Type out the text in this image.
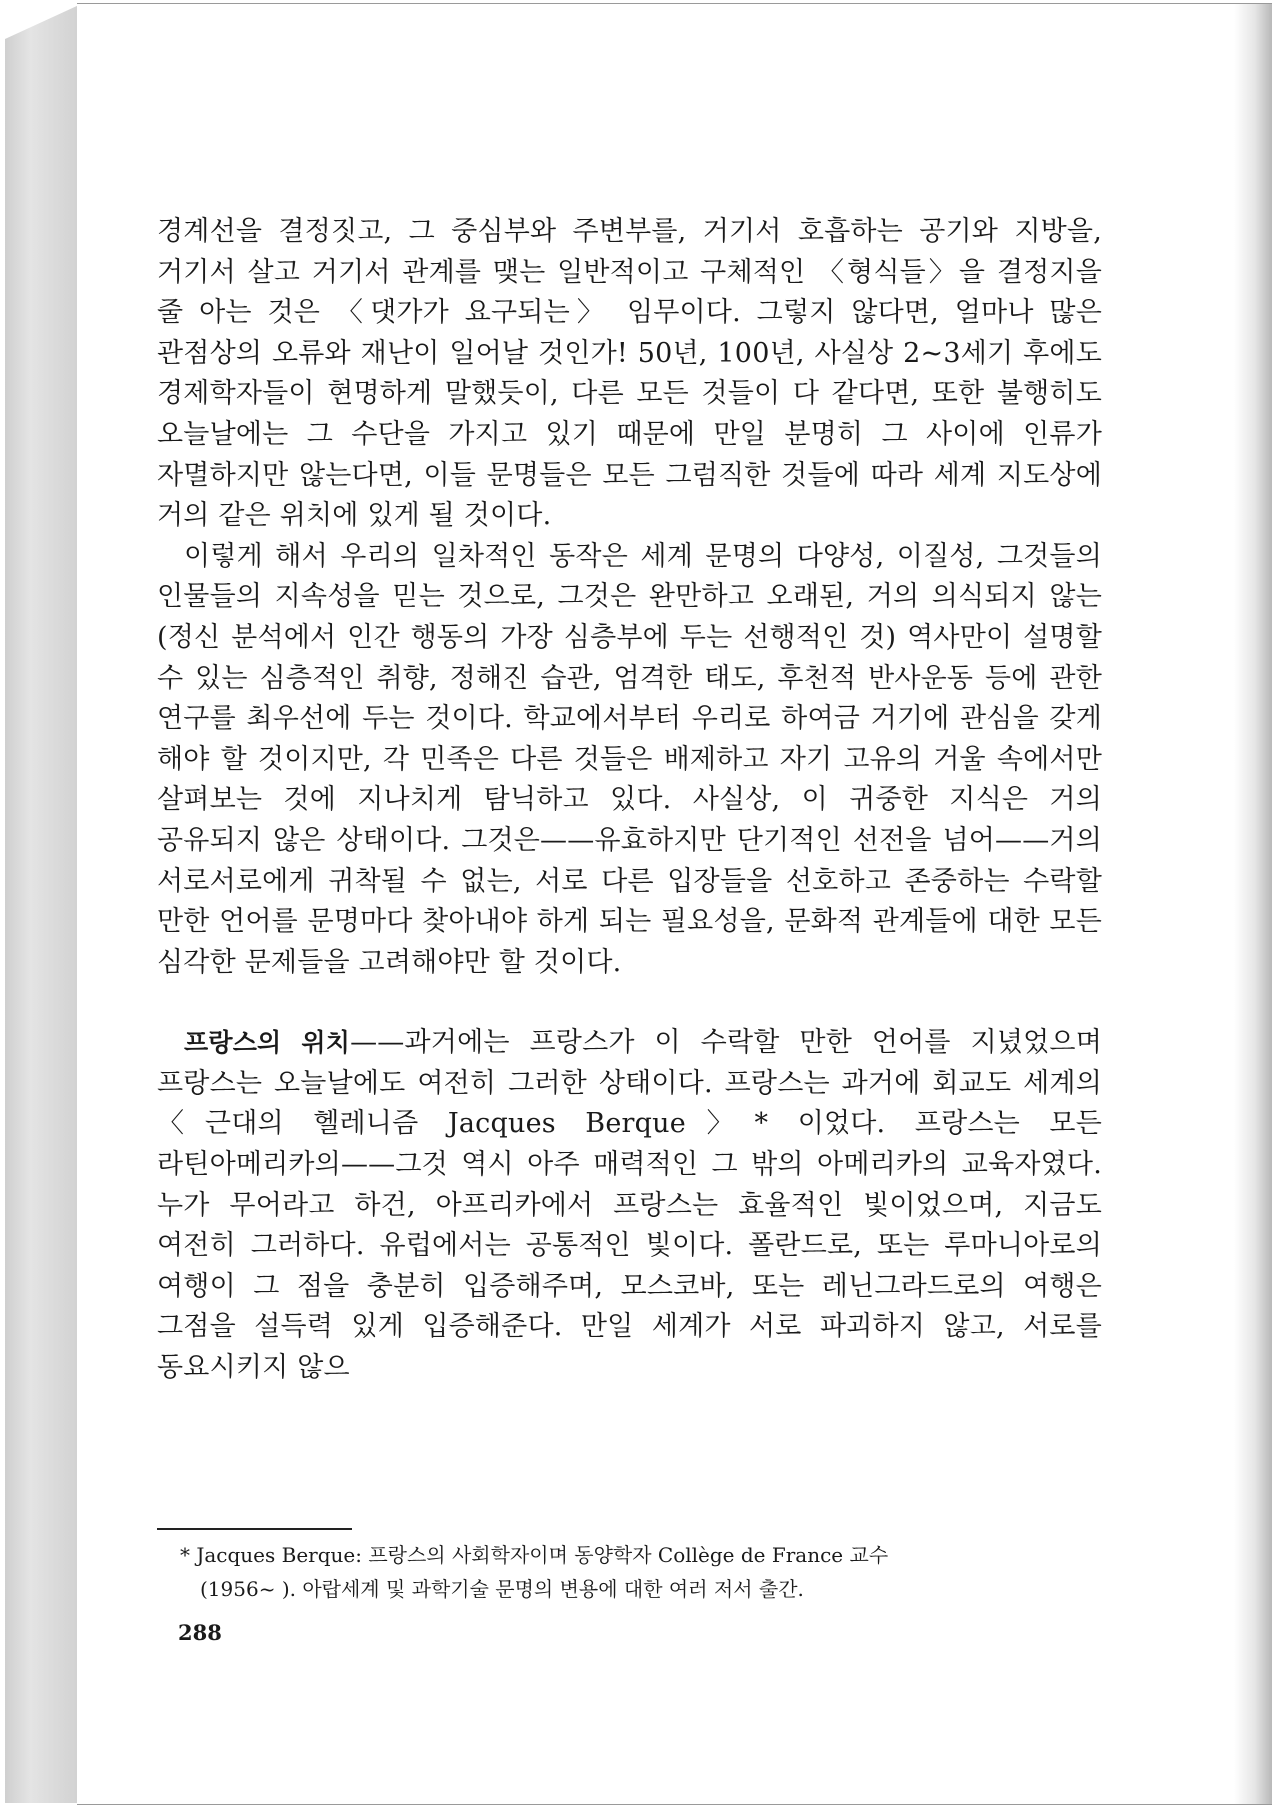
경계선을 결정짓고, 그 중심부와 주변부를, 거기서 호흡하는 공기와 지방을, 거기서 살고 거기서 관계를 맺는 일반적이고 구체적인 〈형식들〉을 결정지을 줄 아는 것은 〈댓가가 요구되는〉 임무이다. 그렇지 않다면, 얼마나 많은 관점상의 오류와 재난이 일어날 것인가! 50년, 100년, 사실상 2~3세기 후에도 경제학자들이 현명하게 말했듯이, 다른 모든 것들이 다 같다면, 또한 불행히도 오늘날에는 그 수단을 가지고 있기 때문에 만일 분명히 그 사이에 인류가 자멸하지만 않는다면, 이들 문명들은 모든 그럼직한 것들에 따라 세계 지도상에 거의 같은 위치에 있게 될 것이다.

이렇게 해서 우리의 일차적인 동작은 세계 문명의 다양성, 이질성, 그것들의 인물들의 지속성을 믿는 것으로, 그것은 완만하고 오래된, 거의 의식되지 않는(정신 분석에서 인간 행동의 가장 심층부에 두는 선행적인 것) 역사만이 설명할 수 있는 심층적인 취향, 정해진 습관, 엄격한 태도, 후천적 반사운동 등에 관한 연구를 최우선에 두는 것이다. 학교에서부터 우리로 하여금 거기에 관심을 갖게 해야 할 것이지만, 각 민족은 다른 것들은 배제하고 자기 고유의 거울 속에서만 살펴보는 것에 지나치게 탐닉하고 있다. 사실상, 이 귀중한 지식은 거의 공유되지 않은 상태이다. 그것은——유효하지만 단기적인 선전을 넘어——거의 서로서로에게 귀착될 수 없는, 서로 다른 입장들을 선호하고 존중하는 수락할 만한 언어를 문명마다 찾아내야 하게 되는 필요성을, 문화적 관계들에 대한 모든 심각한 문제들을 고려해야만 할 것이다.

프랑스의 위치——과거에는 프랑스가 이 수락할 만한 언어를 지녔었으며 프랑스는 오늘날에도 여전히 그러한 상태이다. 프랑스는 과거에 회교도 세계의 〈근대의 헬레니즘 Jacques Berque〉* 이었다. 프랑스는 모든 라틴아메리카의——그것 역시 아주 매력적인 그 밖의 아메리카의 교육자였다. 누가 무어라고 하건, 아프리카에서 프랑스는 효율적인 빛이었으며, 지금도 여전히 그러하다. 유럽에서는 공통적인 빛이다. 폴란드로, 또는 루마니아로의 여행이 그 점을 충분히 입증해주며, 모스코바, 또는 레닌그라드로의 여행은 그점을 설득력 있게 입증해준다. 만일 세계가 서로 파괴하지 않고, 서로를 동요시키지 않으

* Jacques Berque: 프랑스의 사회학자이며 동양학자 Collège de France 교수
(1956~ ). 아랍세계 및 과학기술 문명의 변용에 대한 여러 저서 출간.
288
